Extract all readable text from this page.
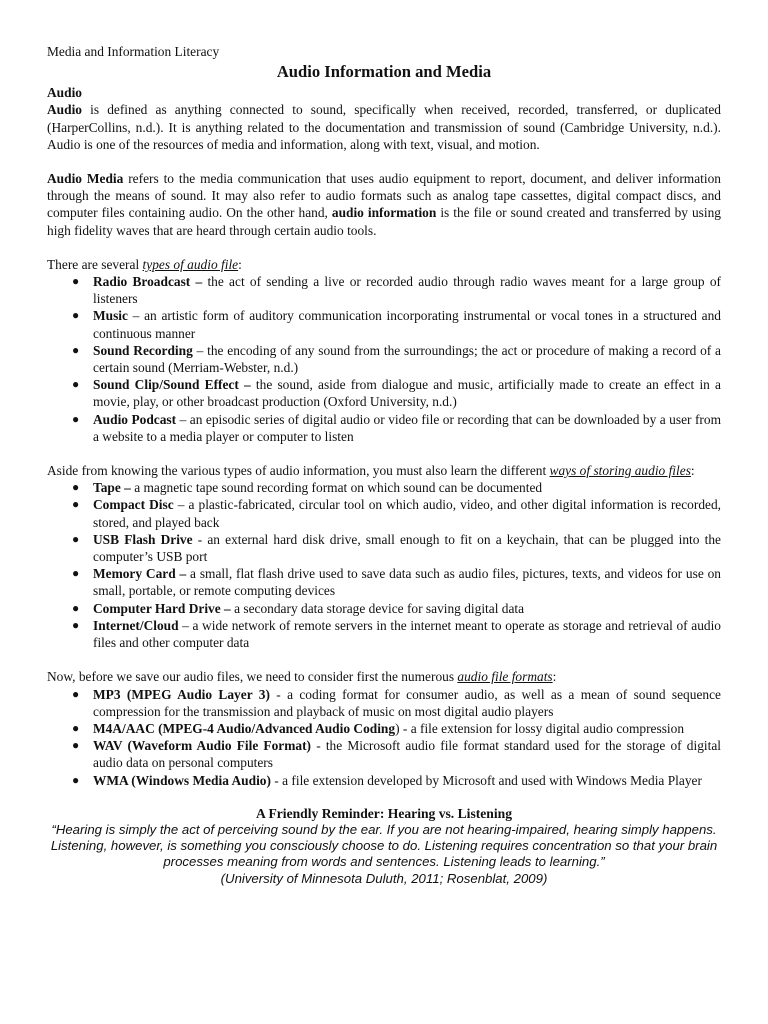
Media and Information Literacy
Audio Information and Media
Audio

Audio is defined as anything connected to sound, specifically when received, recorded, transferred, or duplicated (HarperCollins, n.d.). It is anything related to the documentation and transmission of sound (Cambridge University, n.d.). Audio is one of the resources of media and information, along with text, visual, and motion.

Audio Media refers to the media communication that uses audio equipment to report, document, and deliver information through the means of sound. It may also refer to audio formats such as analog tape cassettes, digital compact discs, and computer files containing audio. On the other hand, audio information is the file or sound created and transferred by using high fidelity waves that are heard through certain audio tools.

There are several types of audio file:

● Radio Broadcast – the act of sending a live or recorded audio through radio waves meant for a large group of listeners
● Music – an artistic form of auditory communication incorporating instrumental or vocal tones in a structured and continuous manner
● Sound Recording – the encoding of any sound from the surroundings; the act or procedure of making a record of a certain sound (Merriam-Webster, n.d.)
● Sound Clip/Sound Effect – the sound, aside from dialogue and music, artificially made to create an effect in a movie, play, or other broadcast production (Oxford University, n.d.)
● Audio Podcast – an episodic series of digital audio or video file or recording that can be downloaded by a user from a website to a media player or computer to listen

Aside from knowing the various types of audio information, you must also learn the different ways of storing audio files:

● Tape – a magnetic tape sound recording format on which sound can be documented
● Compact Disc – a plastic-fabricated, circular tool on which audio, video, and other digital information is recorded, stored, and played back
● USB Flash Drive - an external hard disk drive, small enough to fit on a keychain, that can be plugged into the computer’s USB port
● Memory Card – a small, flat flash drive used to save data such as audio files, pictures, texts, and videos for use on small, portable, or remote computing devices
● Computer Hard Drive – a secondary data storage device for saving digital data
● Internet/Cloud – a wide network of remote servers in the internet meant to operate as storage and retrieval of audio files and other computer data

Now, before we save our audio files, we need to consider first the numerous audio file formats:

● MP3 (MPEG Audio Layer 3) - a coding format for consumer audio, as well as a mean of sound sequence compression for the transmission and playback of music on most digital audio players
● M4A/AAC (MPEG-4 Audio/Advanced Audio Coding) - a file extension for lossy digital audio compression
● WAV (Waveform Audio File Format) - the Microsoft audio file format standard used for the storage of digital audio data on personal computers
● WMA (Windows Media Audio) - a file extension developed by Microsoft and used with Windows Media Player
A Friendly Reminder: Hearing vs. Listening
“Hearing is simply the act of perceiving sound by the ear. If you are not hearing-impaired, hearing simply happens. Listening, however, is something you consciously choose to do. Listening requires concentration so that your brain processes meaning from words and sentences. Listening leads to learning.”
(University of Minnesota Duluth, 2011; Rosenblat, 2009)
